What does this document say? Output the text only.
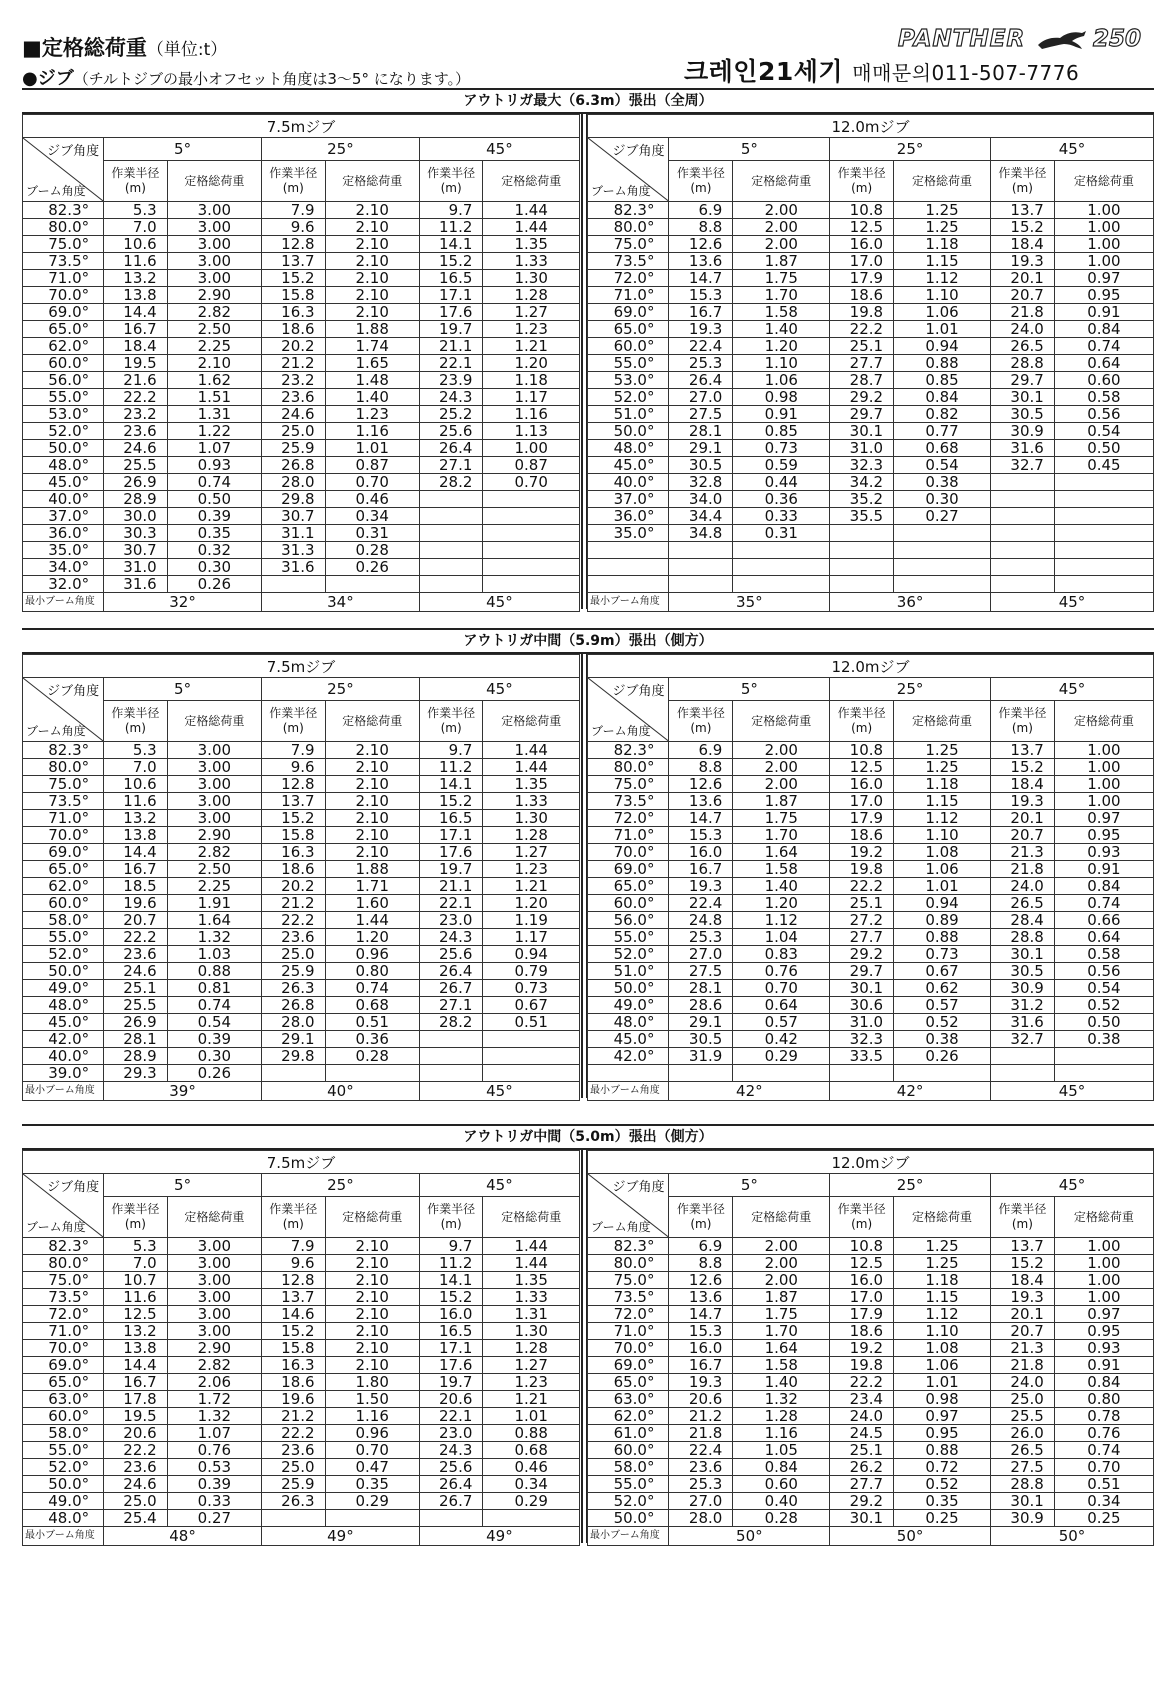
■定格総荷重（単位:t）
●ジブ（チルトジブの最小オフセット角度は3〜5° になります。）
PANTHER	250
크레인21세기 매매문의011-507-7776
アウトリガ最大（6.3m）張出（全周）
7.5mジブ						

ジブ角度
ブーム角度	5°		25°		45°	
	作業半径
(m)	定格総荷重	作業半径
(m)	定格総荷重	作業半径
(m)	定格総荷重
82.3°	5.3	3.00	7.9	2.10	9.7	1.44
80.0°	7.0	3.00	9.6	2.10	11.2	1.44
75.0°	10.6	3.00	12.8	2.10	14.1	1.35
73.5°	11.6	3.00	13.7	2.10	15.2	1.33
71.0°	13.2	3.00	15.2	2.10	16.5	1.30
70.0°	13.8	2.90	15.8	2.10	17.1	1.28
69.0°	14.4	2.82	16.3	2.10	17.6	1.27
65.0°	16.7	2.50	18.6	1.88	19.7	1.23
62.0°	18.4	2.25	20.2	1.74	21.1	1.21
60.0°	19.5	2.10	21.2	1.65	22.1	1.20
56.0°	21.6	1.62	23.2	1.48	23.9	1.18
55.0°	22.2	1.51	23.6	1.40	24.3	1.17
53.0°	23.2	1.31	24.6	1.23	25.2	1.16
52.0°	23.6	1.22	25.0	1.16	25.6	1.13
50.0°	24.6	1.07	25.9	1.01	26.4	1.00
48.0°	25.5	0.93	26.8	0.87	27.1	0.87
45.0°	26.9	0.74	28.0	0.70	28.2	0.70
40.0°	28.9	0.50	29.8	0.46		
37.0°	30.0	0.39	30.7	0.34		
36.0°	30.3	0.35	31.1	0.31		
35.0°	30.7	0.32	31.3	0.28		
34.0°	31.0	0.30	31.6	0.26		
32.0°	31.6	0.26				
最小ブーム角度	32°		34°		45°	
12.0mジブ						

ジブ角度
ブーム角度	5°		25°		45°	
	作業半径
(m)	定格総荷重	作業半径
(m)	定格総荷重	作業半径
(m)	定格総荷重
82.3°	6.9	2.00	10.8	1.25	13.7	1.00
80.0°	8.8	2.00	12.5	1.25	15.2	1.00
75.0°	12.6	2.00	16.0	1.18	18.4	1.00
73.5°	13.6	1.87	17.0	1.15	19.3	1.00
72.0°	14.7	1.75	17.9	1.12	20.1	0.97
71.0°	15.3	1.70	18.6	1.10	20.7	0.95
69.0°	16.7	1.58	19.8	1.06	21.8	0.91
65.0°	19.3	1.40	22.2	1.01	24.0	0.84
60.0°	22.4	1.20	25.1	0.94	26.5	0.74
55.0°	25.3	1.10	27.7	0.88	28.8	0.64
53.0°	26.4	1.06	28.7	0.85	29.7	0.60
52.0°	27.0	0.98	29.2	0.84	30.1	0.58
51.0°	27.5	0.91	29.7	0.82	30.5	0.56
50.0°	28.1	0.85	30.1	0.77	30.9	0.54
48.0°	29.1	0.73	31.0	0.68	31.6	0.50
45.0°	30.5	0.59	32.3	0.54	32.7	0.45
40.0°	32.8	0.44	34.2	0.38		
37.0°	34.0	0.36	35.2	0.30		
36.0°	34.4	0.33	35.5	0.27		
35.0°	34.8	0.31				

最小ブーム角度	35°		36°		45°	
アウトリガ中間（5.9m）張出（側方）
7.5mジブ						

ジブ角度
ブーム角度	5°		25°		45°	
	作業半径
(m)	定格総荷重	作業半径
(m)	定格総荷重	作業半径
(m)	定格総荷重
82.3°	5.3	3.00	7.9	2.10	9.7	1.44
80.0°	7.0	3.00	9.6	2.10	11.2	1.44
75.0°	10.6	3.00	12.8	2.10	14.1	1.35
73.5°	11.6	3.00	13.7	2.10	15.2	1.33
71.0°	13.2	3.00	15.2	2.10	16.5	1.30
70.0°	13.8	2.90	15.8	2.10	17.1	1.28
69.0°	14.4	2.82	16.3	2.10	17.6	1.27
65.0°	16.7	2.50	18.6	1.88	19.7	1.23
62.0°	18.5	2.25	20.2	1.71	21.1	1.21
60.0°	19.6	1.91	21.2	1.60	22.1	1.20
58.0°	20.7	1.64	22.2	1.44	23.0	1.19
55.0°	22.2	1.32	23.6	1.20	24.3	1.17
52.0°	23.6	1.03	25.0	0.96	25.6	0.94
50.0°	24.6	0.88	25.9	0.80	26.4	0.79
49.0°	25.1	0.81	26.3	0.74	26.7	0.73
48.0°	25.5	0.74	26.8	0.68	27.1	0.67
45.0°	26.9	0.54	28.0	0.51	28.2	0.51
42.0°	28.1	0.39	29.1	0.36		
40.0°	28.9	0.30	29.8	0.28		
39.0°	29.3	0.26				
最小ブーム角度	39°		40°		45°	
12.0mジブ						

ジブ角度
ブーム角度	5°		25°		45°	
	作業半径
(m)	定格総荷重	作業半径
(m)	定格総荷重	作業半径
(m)	定格総荷重
82.3°	6.9	2.00	10.8	1.25	13.7	1.00
80.0°	8.8	2.00	12.5	1.25	15.2	1.00
75.0°	12.6	2.00	16.0	1.18	18.4	1.00
73.5°	13.6	1.87	17.0	1.15	19.3	1.00
72.0°	14.7	1.75	17.9	1.12	20.1	0.97
71.0°	15.3	1.70	18.6	1.10	20.7	0.95
70.0°	16.0	1.64	19.2	1.08	21.3	0.93
69.0°	16.7	1.58	19.8	1.06	21.8	0.91
65.0°	19.3	1.40	22.2	1.01	24.0	0.84
60.0°	22.4	1.20	25.1	0.94	26.5	0.74
56.0°	24.8	1.12	27.2	0.89	28.4	0.66
55.0°	25.3	1.04	27.7	0.88	28.8	0.64
52.0°	27.0	0.83	29.2	0.73	30.1	0.58
51.0°	27.5	0.76	29.7	0.67	30.5	0.56
50.0°	28.1	0.70	30.1	0.62	30.9	0.54
49.0°	28.6	0.64	30.6	0.57	31.2	0.52
48.0°	29.1	0.57	31.0	0.52	31.6	0.50
45.0°	30.5	0.42	32.3	0.38	32.7	0.38
42.0°	31.9	0.29	33.5	0.26		

最小ブーム角度	42°		42°		45°	
アウトリガ中間（5.0m）張出（側方）
7.5mジブ						

ジブ角度
ブーム角度	5°		25°		45°	
	作業半径
(m)	定格総荷重	作業半径
(m)	定格総荷重	作業半径
(m)	定格総荷重
82.3°	5.3	3.00	7.9	2.10	9.7	1.44
80.0°	7.0	3.00	9.6	2.10	11.2	1.44
75.0°	10.7	3.00	12.8	2.10	14.1	1.35
73.5°	11.6	3.00	13.7	2.10	15.2	1.33
72.0°	12.5	3.00	14.6	2.10	16.0	1.31
71.0°	13.2	3.00	15.2	2.10	16.5	1.30
70.0°	13.8	2.90	15.8	2.10	17.1	1.28
69.0°	14.4	2.82	16.3	2.10	17.6	1.27
65.0°	16.7	2.06	18.6	1.80	19.7	1.23
63.0°	17.8	1.72	19.6	1.50	20.6	1.21
60.0°	19.5	1.32	21.2	1.16	22.1	1.01
58.0°	20.6	1.07	22.2	0.96	23.0	0.88
55.0°	22.2	0.76	23.6	0.70	24.3	0.68
52.0°	23.6	0.53	25.0	0.47	25.6	0.46
50.0°	24.6	0.39	25.9	0.35	26.4	0.34
49.0°	25.0	0.33	26.3	0.29	26.7	0.29
48.0°	25.4	0.27				
最小ブーム角度	48°		49°		49°	
12.0mジブ						

ジブ角度
ブーム角度	5°		25°		45°	
	作業半径
(m)	定格総荷重	作業半径
(m)	定格総荷重	作業半径
(m)	定格総荷重
82.3°	6.9	2.00	10.8	1.25	13.7	1.00
80.0°	8.8	2.00	12.5	1.25	15.2	1.00
75.0°	12.6	2.00	16.0	1.18	18.4	1.00
73.5°	13.6	1.87	17.0	1.15	19.3	1.00
72.0°	14.7	1.75	17.9	1.12	20.1	0.97
71.0°	15.3	1.70	18.6	1.10	20.7	0.95
70.0°	16.0	1.64	19.2	1.08	21.3	0.93
69.0°	16.7	1.58	19.8	1.06	21.8	0.91
65.0°	19.3	1.40	22.2	1.01	24.0	0.84
63.0°	20.6	1.32	23.4	0.98	25.0	0.80
62.0°	21.2	1.28	24.0	0.97	25.5	0.78
61.0°	21.8	1.16	24.5	0.95	26.0	0.76
60.0°	22.4	1.05	25.1	0.88	26.5	0.74
58.0°	23.6	0.84	26.2	0.72	27.5	0.70
55.0°	25.3	0.60	27.7	0.52	28.8	0.51
52.0°	27.0	0.40	29.2	0.35	30.1	0.34
50.0°	28.0	0.28	30.1	0.25	30.9	0.25
最小ブーム角度	50°		50°		50°	
